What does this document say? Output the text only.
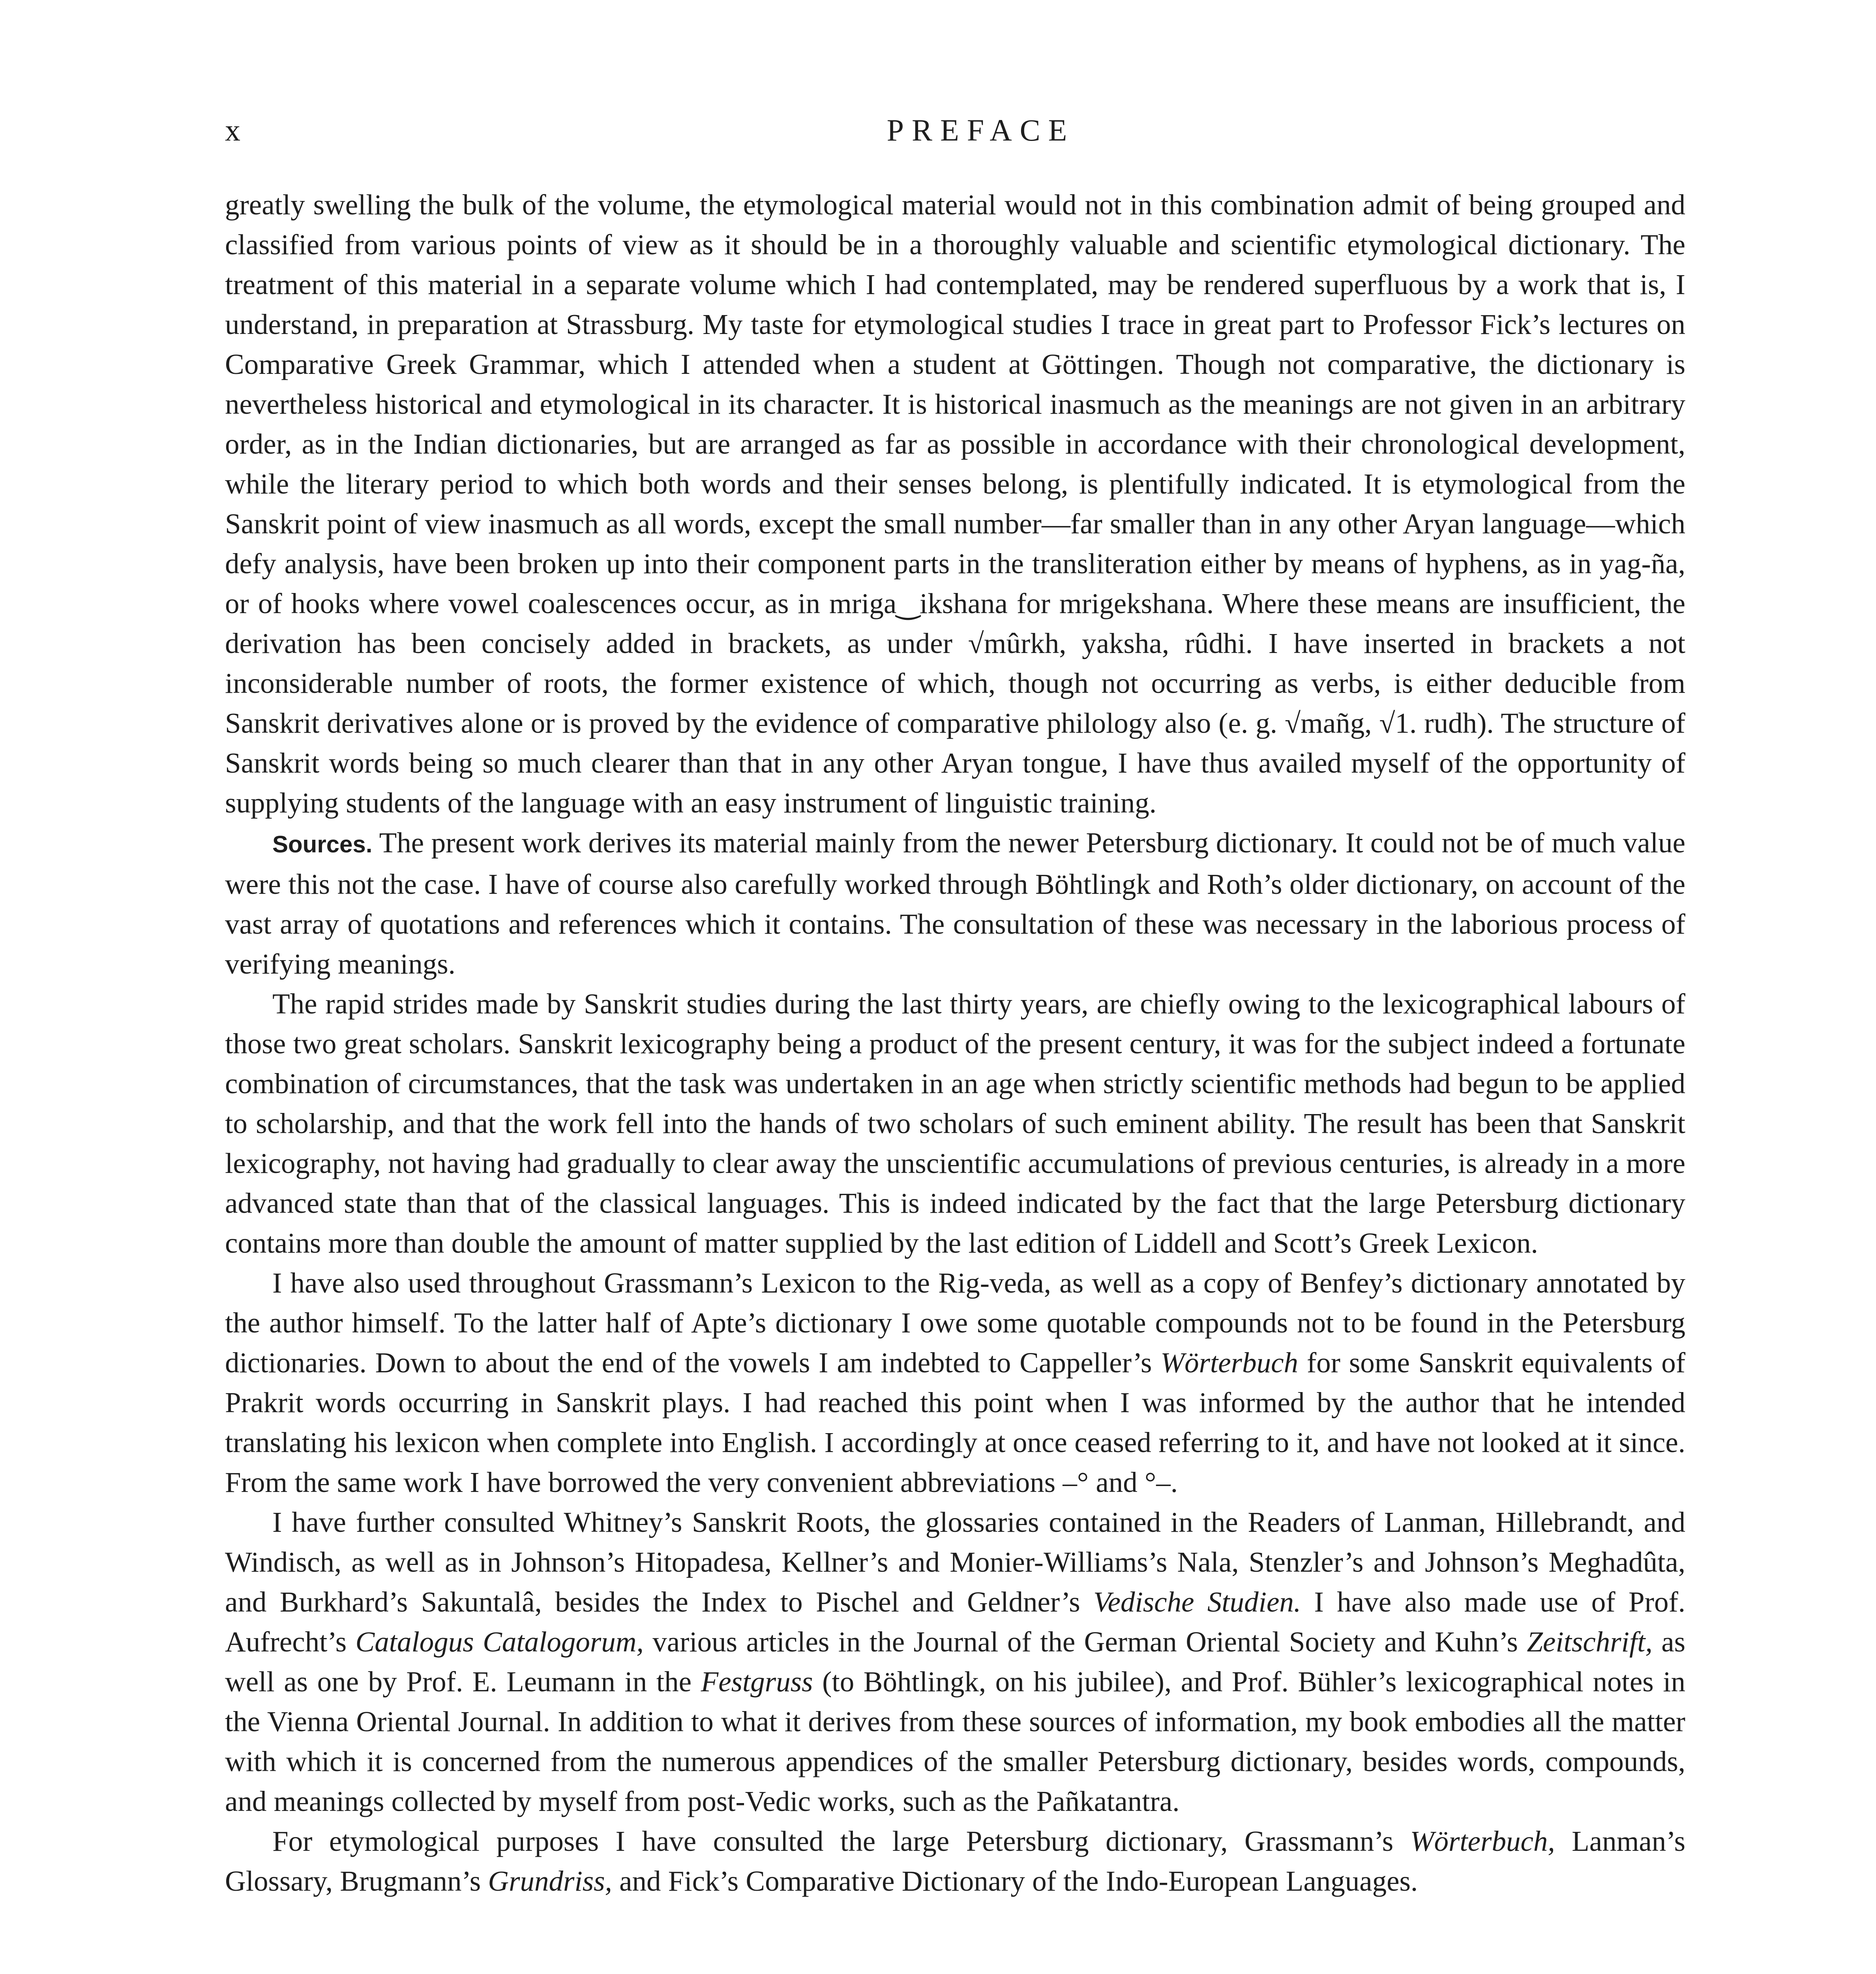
x	PREFACE

greatly swelling the bulk of the volume, the etymological material would not in this combination admit of being grouped and classified from various points of view as it should be in a thoroughly valuable and scientific etymological dictionary. The treatment of this material in a separate volume which I had contemplated, may be rendered superfluous by a work that is, I understand, in preparation at Strassburg. My taste for etymological studies I trace in great part to Professor Fick’s lectures on Comparative Greek Grammar, which I attended when a student at Göttingen. Though not comparative, the dictionary is nevertheless historical and etymological in its character. It is historical inasmuch as the meanings are not given in an arbitrary order, as in the Indian dictionaries, but are arranged as far as possible in accordance with their chronological development, while the literary period to which both words and their senses belong, is plentifully indicated. It is etymological from the Sanskrit point of view inasmuch as all words, except the small number—far smaller than in any other Aryan language—which defy analysis, have been broken up into their component parts in the transliteration either by means of hyphens, as in yag-ña, or of hooks where vowel coalescences occur, as in mriga‿ikshana for mrigekshana. Where these means are insufficient, the derivation has been concisely added in brackets, as under √mûrkh, yaksha, rûdhi. I have inserted in brackets a not inconsiderable number of roots, the former existence of which, though not occurring as verbs, is either deducible from Sanskrit derivatives alone or is proved by the evidence of comparative philology also (e. g. √mañg, √1. rudh). The structure of Sanskrit words being so much clearer than that in any other Aryan tongue, I have thus availed myself of the opportunity of supplying students of the language with an easy instrument of linguistic training.

Sources. The present work derives its material mainly from the newer Petersburg dictionary. It could not be of much value were this not the case. I have of course also carefully worked through Böhtlingk and Roth’s older dictionary, on account of the vast array of quotations and references which it contains. The consultation of these was necessary in the laborious process of verifying meanings.

The rapid strides made by Sanskrit studies during the last thirty years, are chiefly owing to the lexicographical labours of those two great scholars. Sanskrit lexicography being a product of the present century, it was for the subject indeed a fortunate combination of circumstances, that the task was undertaken in an age when strictly scientific methods had begun to be applied to scholarship, and that the work fell into the hands of two scholars of such eminent ability. The result has been that Sanskrit lexicography, not having had gradually to clear away the unscientific accumulations of previous centuries, is already in a more advanced state than that of the classical languages. This is indeed indicated by the fact that the large Petersburg dictionary contains more than double the amount of matter supplied by the last edition of Liddell and Scott’s Greek Lexicon.

I have also used throughout Grassmann’s Lexicon to the Rig-veda, as well as a copy of Benfey’s dictionary annotated by the author himself. To the latter half of Apte’s dictionary I owe some quotable compounds not to be found in the Petersburg dictionaries. Down to about the end of the vowels I am indebted to Cappeller’s Wörterbuch for some Sanskrit equivalents of Prakrit words occurring in Sanskrit plays. I had reached this point when I was informed by the author that he intended translating his lexicon when complete into English. I accordingly at once ceased referring to it, and have not looked at it since. From the same work I have borrowed the very convenient abbreviations –° and °–.

I have further consulted Whitney’s Sanskrit Roots, the glossaries contained in the Readers of Lanman, Hillebrandt, and Windisch, as well as in Johnson’s Hitopadesa, Kellner’s and Monier-Williams’s Nala, Stenzler’s and Johnson’s Meghadûta, and Burkhard’s Sakuntalâ, besides the Index to Pischel and Geldner’s Vedische Studien. I have also made use of Prof. Aufrecht’s Catalogus Catalogorum, various articles in the Journal of the German Oriental Society and Kuhn’s Zeitschrift, as well as one by Prof. E. Leumann in the Festgruss (to Böhtlingk, on his jubilee), and Prof. Bühler’s lexicographical notes in the Vienna Oriental Journal. In addition to what it derives from these sources of information, my book embodies all the matter with which it is concerned from the numerous appendices of the smaller Petersburg dictionary, besides words, compounds, and meanings collected by myself from post-Vedic works, such as the Pañkatantra.

For etymological purposes I have consulted the large Petersburg dictionary, Grassmann’s Wörterbuch, Lanman’s Glossary, Brugmann’s Grundriss, and Fick’s Comparative Dictionary of the Indo-European Languages.
